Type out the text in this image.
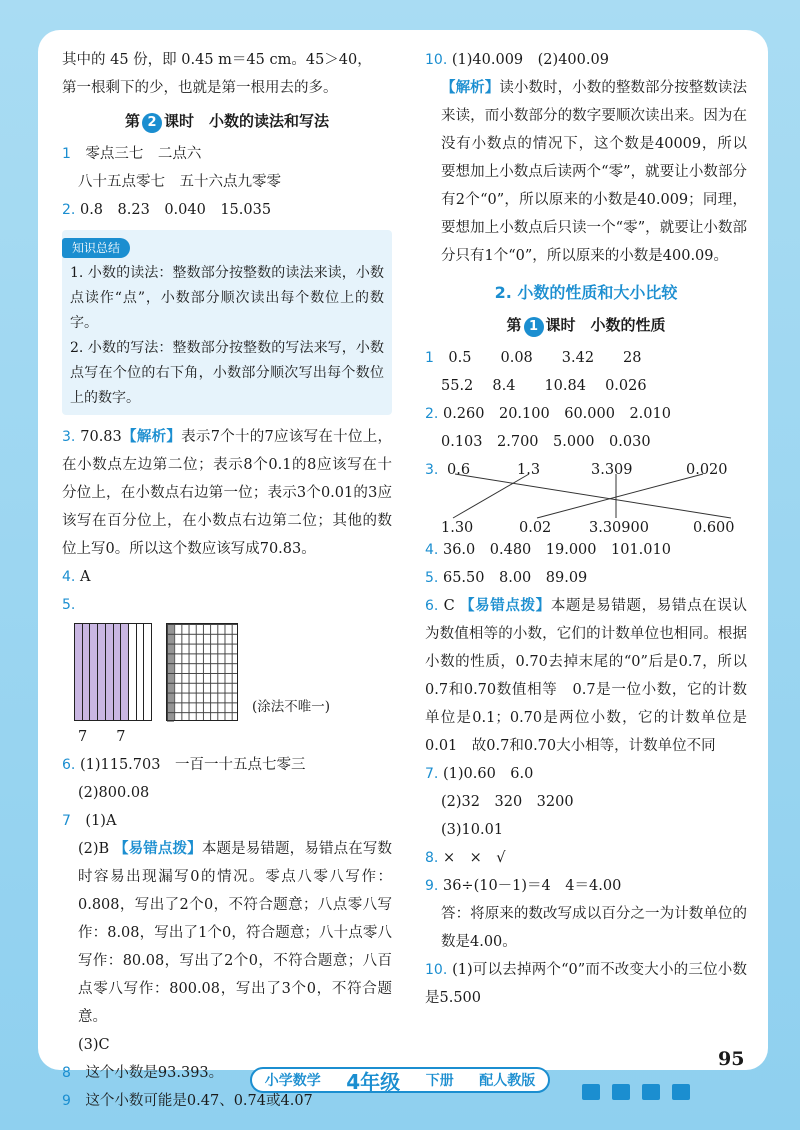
其中的 45 份，即 0.45 m＝45 cm。45＞40，
第一根剩下的少，也就是第一根用去的多。
第 2 课时　小数的读法和写法
1　 零点三七　二点六
八十五点零七　五十六点九零零
2. 0.8　8.23　0.040　15.035
知识总结
1. 小数的读法：整数部分按整数的读法来读，小数点读作“点”，小数部分顺次读出每个数位上的数字。
2. 小数的写法：整数部分按整数的写法来写，小数点写在个位的右下角，小数部分顺次写出每个数位上的数字。
3. 70.83【解析】表示7个十的7应该写在十位上，在小数点左边第二位；表示8个0.1的8应该写在十分位上，在小数点右边第一位；表示3个0.01的3应该写在百分位上，在小数点右边第二位；其他的数位上写0。所以这个数应该写成70.83。
4. A
5.
(涂法不唯一)
7　　 7
6. (1)115.703　一百一十五点七零三
(2)800.08
7　 (1)A
(2)B 【易错点拨】本题是易错题，易错点在写数时容易出现漏写0的情况。零点八零八写作：0.808，写出了2个0，不符合题意；八点零八写作：8.08，写出了1个0，符合题意；八十点零八写作：80.08，写出了2个0，不符合题意；八百点零八写作：800.08，写出了3个0，不符合题意。
(3)C
8　 这个小数是93.393。
9　 这个小数可能是0.47、0.74或4.07
10. (1)40.009　(2)400.09
【解析】读小数时，小数的整数部分按整数读法来读，而小数部分的数字要顺次读出来。因为在没有小数点的情况下，这个数是40009，所以要想加上小数点后读两个“零”，就要让小数部分有2个“0”，所以原来的小数是40.009；同理，要想加上小数点后只读一个“零”，就要让小数部分只有1个“0”，所以原来的小数是400.09。
2. 小数的性质和大小比较
第 1 课时　小数的性质
1　 0.5　　0.08　　3.42　　28
55.2　 8.4　　10.84　 0.026
2. 0.260　20.100　60.000　2.010
0.103　2.700　5.000　0.030
3. 0.6	1.3	3.309	0.020
1.30	0.02	3.30900	0.600
4. 36.0　0.480　19.000　101.010
5. 65.50　8.00　89.09
6. C 【易错点拨】本题是易错题，易错点在误认为数值相等的小数，它们的计数单位也相同。根据小数的性质，0.70去掉末尾的“0”后是0.7，所以0.7和0.70数值相等　0.7是一位小数，它的计数单位是0.1；0.70是两位小数，它的计数单位是0.01　故0.7和0.70大小相等，计数单位不同
7. (1)0.60　6.0
(2)32　320　3200
(3)10.01
8. ×　×　√
9. 36÷(10－1)＝4　4＝4.00
答：将原来的数改写成以百分之一为计数单位的数是4.00。
10. (1)可以去掉两个“0”而不改变大小的三位小数是5.500
95
小学数学 4年级 下册 配人教版
